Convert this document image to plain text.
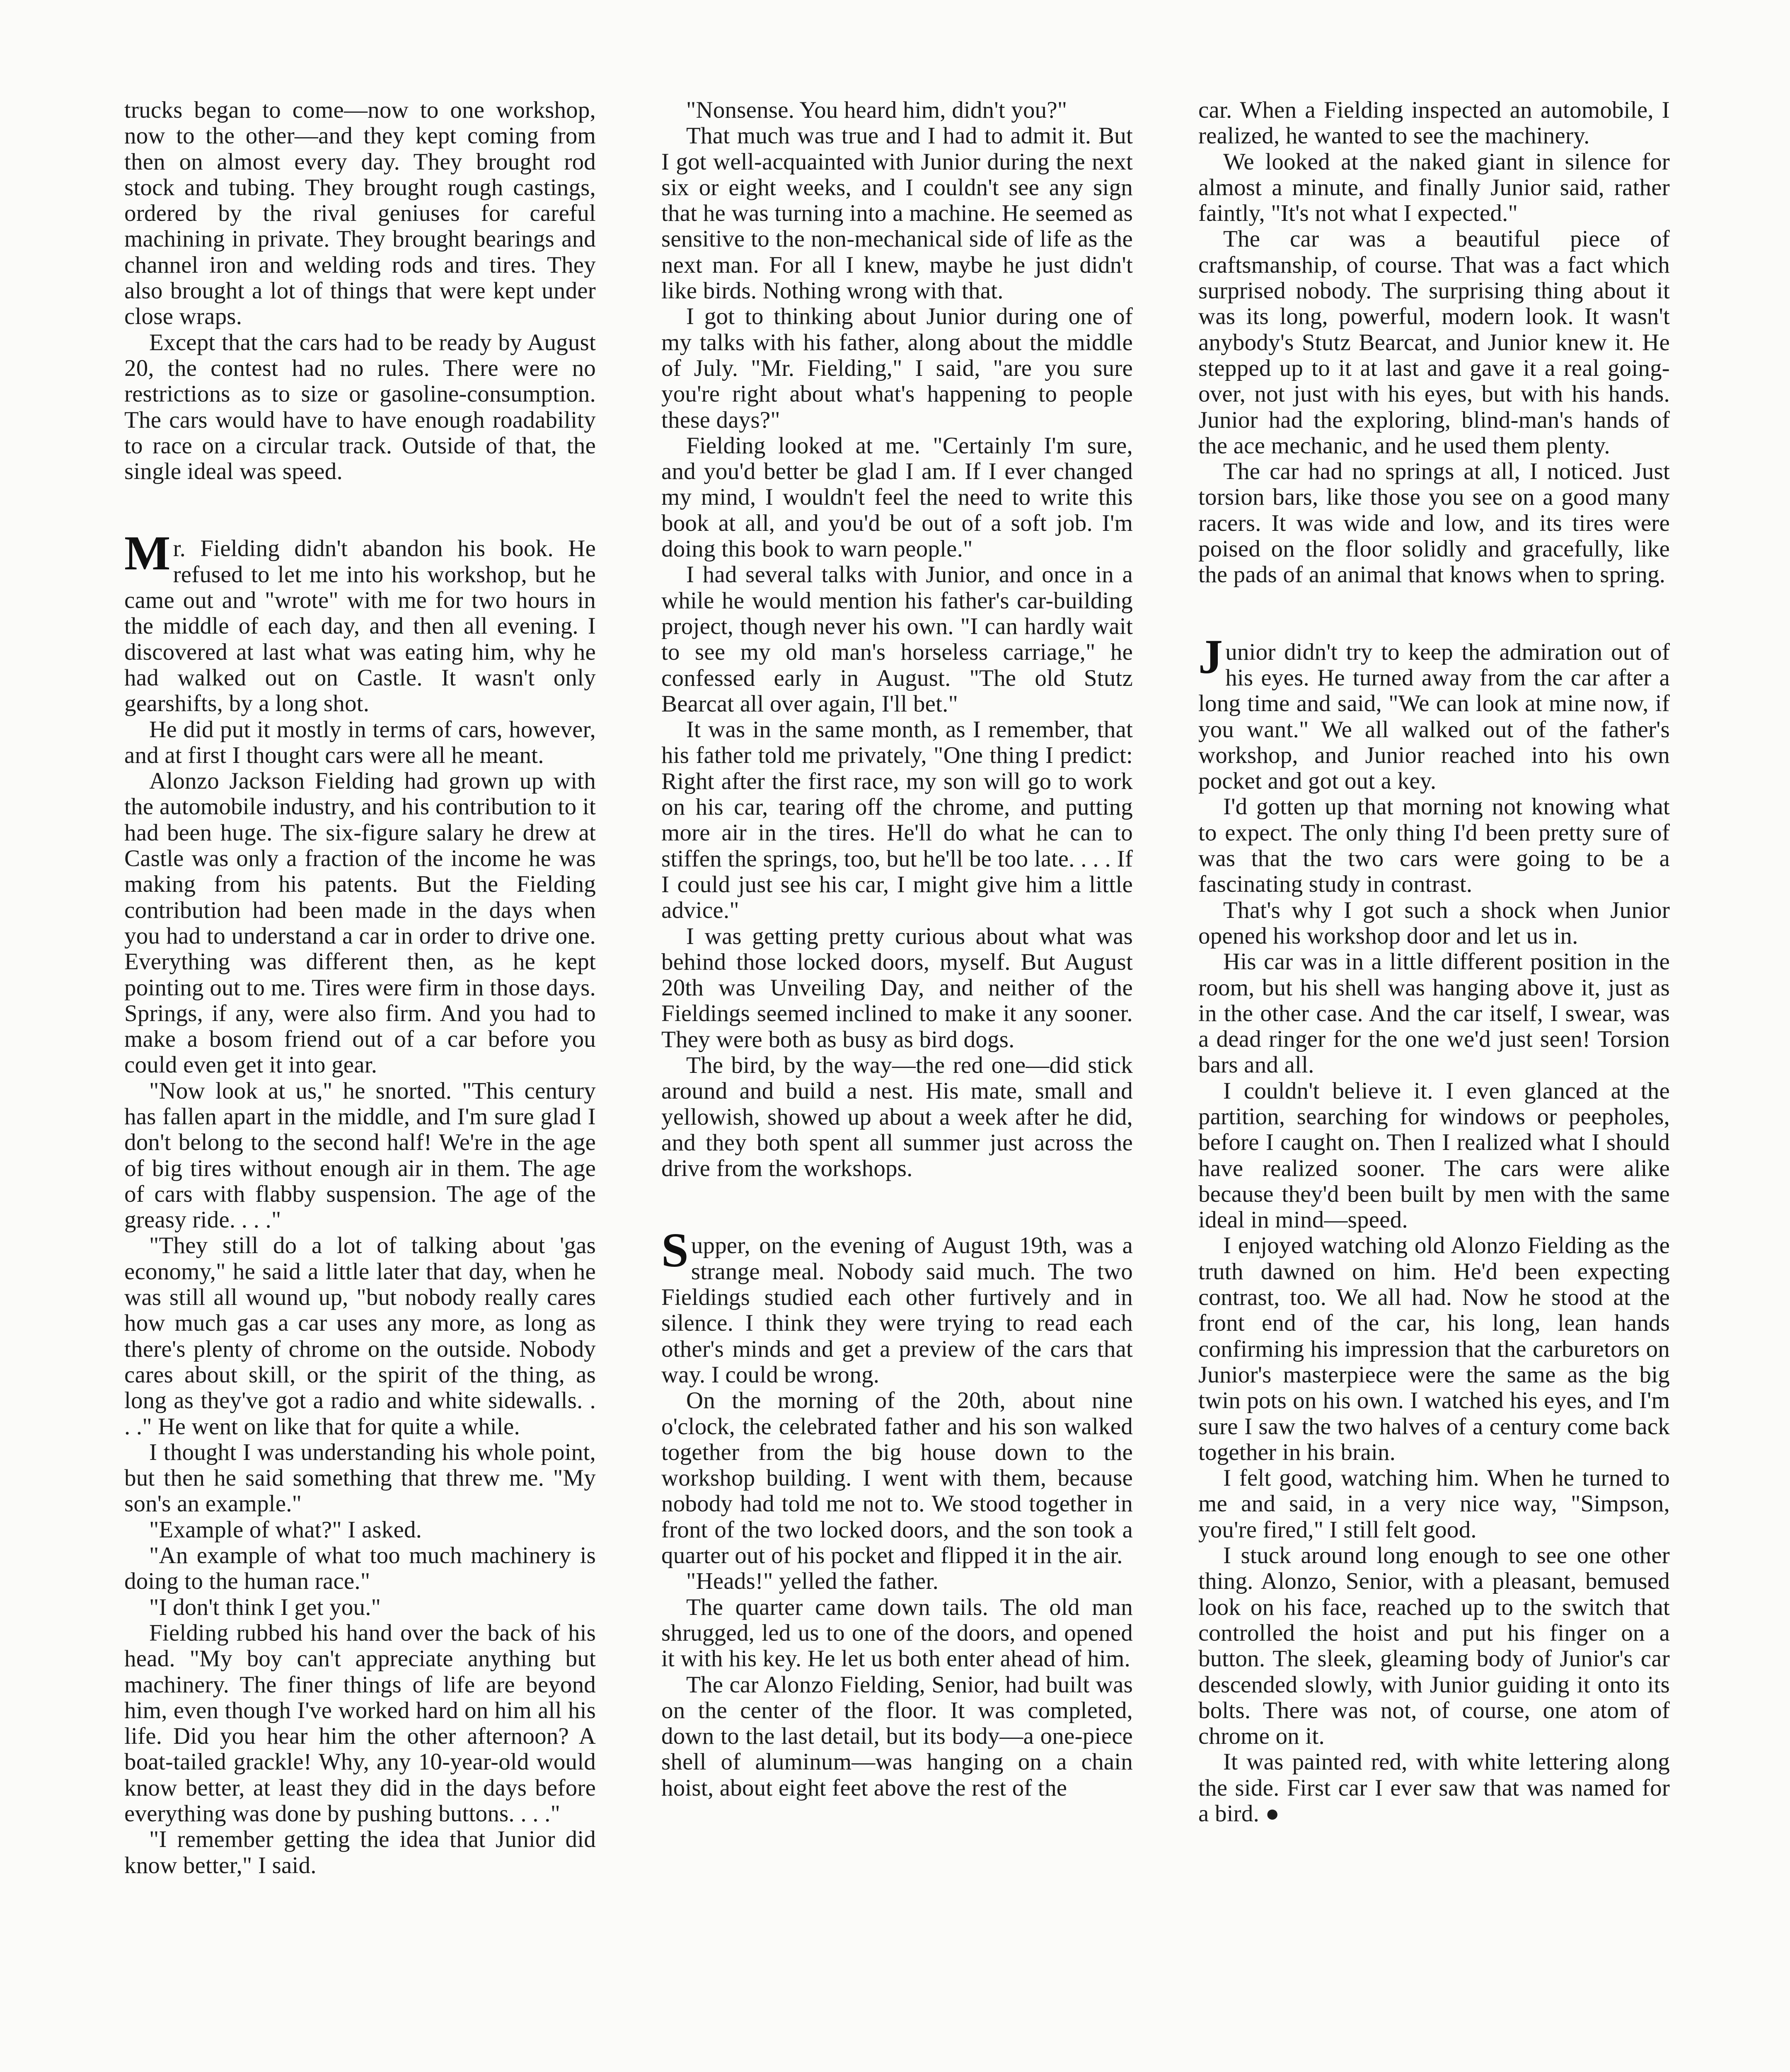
trucks began to come—now to one workshop, now to the other—and they kept coming from then on almost every day. They brought rod stock and tubing. They brought rough castings, ordered by the rival geniuses for careful machining in private. They brought bearings and channel iron and welding rods and tires. They also brought a lot of things that were kept under close wraps.

Except that the cars had to be ready by August 20, the contest had no rules. There were no restrictions as to size or gasoline-consumption. The cars would have to have enough roadability to race on a circular track. Outside of that, the single ideal was speed.

Mr. Fielding didn't abandon his book. He refused to let me into his workshop, but he came out and "wrote" with me for two hours in the middle of each day, and then all evening. I discovered at last what was eating him, why he had walked out on Castle. It wasn't only gearshifts, by a long shot.

He did put it mostly in terms of cars, however, and at first I thought cars were all he meant.

Alonzo Jackson Fielding had grown up with the automobile industry, and his contribution to it had been huge. The six-figure salary he drew at Castle was only a fraction of the income he was making from his patents. But the Fielding contribution had been made in the days when you had to understand a car in order to drive one. Everything was different then, as he kept pointing out to me. Tires were firm in those days. Springs, if any, were also firm. And you had to make a bosom friend out of a car before you could even get it into gear.

"Now look at us," he snorted. "This century has fallen apart in the middle, and I'm sure glad I don't belong to the second half! We're in the age of big tires without enough air in them. The age of cars with flabby suspension. The age of the greasy ride. . . ."

"They still do a lot of talking about 'gas economy," he said a little later that day, when he was still all wound up, "but nobody really cares how much gas a car uses any more, as long as there's plenty of chrome on the outside. Nobody cares about skill, or the spirit of the thing, as long as they've got a radio and white sidewalls. . . ." He went on like that for quite a while.

I thought I was understanding his whole point, but then he said something that threw me. "My son's an example."

"Example of what?" I asked.

"An example of what too much machinery is doing to the human race."

"I don't think I get you."

Fielding rubbed his hand over the back of his head. "My boy can't appreciate anything but machinery. The finer things of life are beyond him, even though I've worked hard on him all his life. Did you hear him the other afternoon? A boat-tailed grackle! Why, any 10-year-old would know better, at least they did in the days before everything was done by pushing buttons. . . ."

"I remember getting the idea that Junior did know better," I said.

"Nonsense. You heard him, didn't you?"

That much was true and I had to admit it. But I got well-acquainted with Junior during the next six or eight weeks, and I couldn't see any sign that he was turning into a machine. He seemed as sensitive to the non-mechanical side of life as the next man. For all I knew, maybe he just didn't like birds. Nothing wrong with that.

I got to thinking about Junior during one of my talks with his father, along about the middle of July. "Mr. Fielding," I said, "are you sure you're right about what's happening to people these days?"

Fielding looked at me. "Certainly I'm sure, and you'd better be glad I am. If I ever changed my mind, I wouldn't feel the need to write this book at all, and you'd be out of a soft job. I'm doing this book to warn people."

I had several talks with Junior, and once in a while he would mention his father's car-building project, though never his own. "I can hardly wait to see my old man's horseless carriage," he confessed early in August. "The old Stutz Bearcat all over again, I'll bet."

It was in the same month, as I remember, that his father told me privately, "One thing I predict: Right after the first race, my son will go to work on his car, tearing off the chrome, and putting more air in the tires. He'll do what he can to stiffen the springs, too, but he'll be too late. . . . If I could just see his car, I might give him a little advice."

I was getting pretty curious about what was behind those locked doors, myself. But August 20th was Unveiling Day, and neither of the Fieldings seemed inclined to make it any sooner. They were both as busy as bird dogs.

The bird, by the way—the red one—did stick around and build a nest. His mate, small and yellowish, showed up about a week after he did, and they both spent all summer just across the drive from the workshops.

Supper, on the evening of August 19th, was a strange meal. Nobody said much. The two Fieldings studied each other furtively and in silence. I think they were trying to read each other's minds and get a preview of the cars that way. I could be wrong.

On the morning of the 20th, about nine o'clock, the celebrated father and his son walked together from the big house down to the workshop building. I went with them, because nobody had told me not to. We stood together in front of the two locked doors, and the son took a quarter out of his pocket and flipped it in the air.

"Heads!" yelled the father.

The quarter came down tails. The old man shrugged, led us to one of the doors, and opened it with his key. He let us both enter ahead of him.

The car Alonzo Fielding, Senior, had built was on the center of the floor. It was completed, down to the last detail, but its body—a one-piece shell of aluminum—was hanging on a chain hoist, about eight feet above the rest of the

car. When a Fielding inspected an automobile, I realized, he wanted to see the machinery.

We looked at the naked giant in silence for almost a minute, and finally Junior said, rather faintly, "It's not what I expected."

The car was a beautiful piece of craftsmanship, of course. That was a fact which surprised nobody. The surprising thing about it was its long, powerful, modern look. It wasn't anybody's Stutz Bearcat, and Junior knew it. He stepped up to it at last and gave it a real going-over, not just with his eyes, but with his hands. Junior had the exploring, blind-man's hands of the ace mechanic, and he used them plenty.

The car had no springs at all, I noticed. Just torsion bars, like those you see on a good many racers. It was wide and low, and its tires were poised on the floor solidly and gracefully, like the pads of an animal that knows when to spring.

Junior didn't try to keep the admiration out of his eyes. He turned away from the car after a long time and said, "We can look at mine now, if you want." We all walked out of the father's workshop, and Junior reached into his own pocket and got out a key.

I'd gotten up that morning not knowing what to expect. The only thing I'd been pretty sure of was that the two cars were going to be a fascinating study in contrast.

That's why I got such a shock when Junior opened his workshop door and let us in.

His car was in a little different position in the room, but his shell was hanging above it, just as in the other case. And the car itself, I swear, was a dead ringer for the one we'd just seen! Torsion bars and all.

I couldn't believe it. I even glanced at the partition, searching for windows or peepholes, before I caught on. Then I realized what I should have realized sooner. The cars were alike because they'd been built by men with the same ideal in mind—speed.

I enjoyed watching old Alonzo Fielding as the truth dawned on him. He'd been expecting contrast, too. We all had. Now he stood at the front end of the car, his long, lean hands confirming his impression that the carburetors on Junior's masterpiece were the same as the big twin pots on his own. I watched his eyes, and I'm sure I saw the two halves of a century come back together in his brain.

I felt good, watching him. When he turned to me and said, in a very nice way, "Simpson, you're fired," I still felt good.

I stuck around long enough to see one other thing. Alonzo, Senior, with a pleasant, bemused look on his face, reached up to the switch that controlled the hoist and put his finger on a button. The sleek, gleaming body of Junior's car descended slowly, with Junior guiding it onto its bolts. There was not, of course, one atom of chrome on it.

It was painted red, with white lettering along the side. First car I ever saw that was named for a bird. ●
